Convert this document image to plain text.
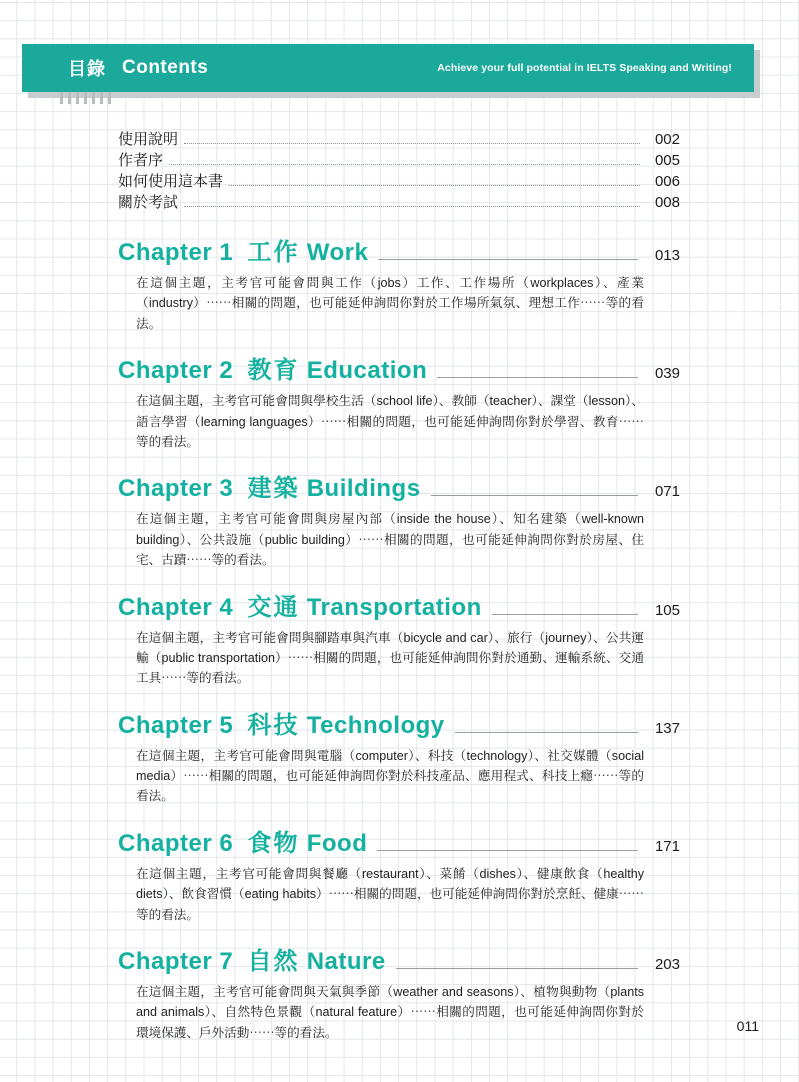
目錄 Contents	Achieve your full potential in IELTS Speaking and Writing!
使用說明	002
作者序	005
如何使用這本書	006
關於考試	008
Chapter 1 工作 Work	013

在這個主題，主考官可能會問與工作（jobs）工作、工作場所（workplaces）、產業（industry）⋯⋯相關的問題，也可能延伸詢問你對於工作場所氣氛、理想工作⋯⋯等的看法。

Chapter 2 教育 Education	039

在這個主題，主考官可能會問與學校生活（school life）、教師（teacher）、課堂（lesson）、語言學習（learning languages）⋯⋯相關的問題，也可能延伸詢問你對於學習、教育⋯⋯等的看法。

Chapter 3 建築 Buildings	071

在這個主題，主考官可能會問與房屋內部（inside the house）、知名建築（well-known building）、公共設施（public building）⋯⋯相關的問題，也可能延伸詢問你對於房屋、住宅、古蹟⋯⋯等的看法。

Chapter 4 交通 Transportation	105

在這個主題，主考官可能會問與腳踏車與汽車（bicycle and car）、旅行（journey）、公共運輸（public transportation）⋯⋯相關的問題，也可能延伸詢問你對於通勤、運輸系統、交通工具⋯⋯等的看法。

Chapter 5 科技 Technology	137

在這個主題，主考官可能會問與電腦（computer）、科技（technology）、社交媒體（social media）⋯⋯相關的問題，也可能延伸詢問你對於科技產品、應用程式、科技上癮⋯⋯等的看法。

Chapter 6 食物 Food	171

在這個主題，主考官可能會問與餐廳（restaurant）、菜餚（dishes）、健康飲食（healthy diets）、飲食習慣（eating habits）⋯⋯相關的問題，也可能延伸詢問你對於烹飪、健康⋯⋯等的看法。

Chapter 7 自然 Nature	203

在這個主題，主考官可能會問與天氣與季節（weather and seasons）、植物與動物（plants and animals）、自然特色景觀（natural feature）⋯⋯相關的問題，也可能延伸詢問你對於環境保護、戶外活動⋯⋯等的看法。	011
